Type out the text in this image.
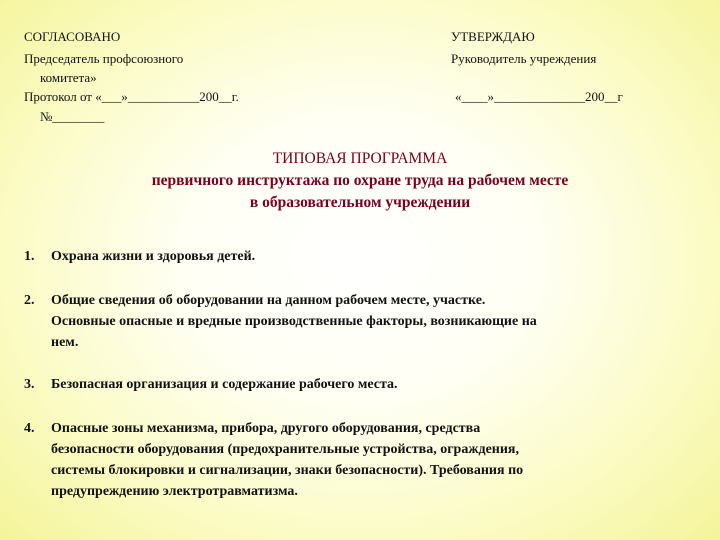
СОГЛАСОВАНО
Председатель профсоюзного
комитета»
Протокол от «___»___________200__г.
№________
УТВЕРЖДАЮ
Руководитель учреждения
«____»______________200__г
ТИПОВАЯ ПРОГРАММА
первичного инструктажа по охране труда на рабочем месте
в образовательном учреждении
1. Охрана жизни и здоровья детей.
2. Общие сведения об оборудовании на данном рабочем месте, участке.
Основные опасные и вредные производственные факторы, возникающие на
нем.
3. Безопасная организация и содержание рабочего места.
4. Опасные зоны механизма, прибора, другого оборудования, средства
безопасности оборудования (предохранительные устройства, ограждения,
системы блокировки и сигнализации, знаки безопасности). Требования по
предупреждению электротравматизма.
